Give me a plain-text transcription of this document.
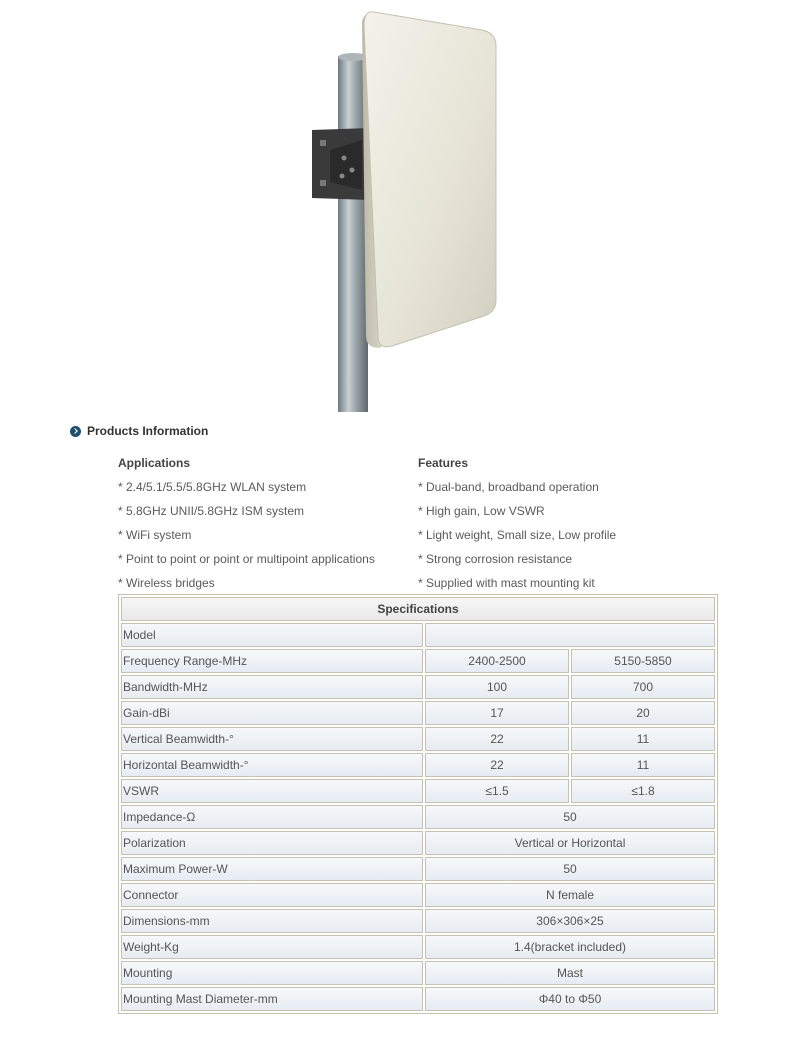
Products Information
Applications
* 2.4/5.1/5.5/5.8GHz WLAN system
* 5.8GHz UNII/5.8GHz ISM system
* WiFi system
* Point to point or point or multipoint applications
* Wireless bridges
Features
* Dual-band, broadband operation
* High gain, Low VSWR
* Light weight, Small size, Low profile
* Strong corrosion resistance
* Supplied with mast mounting kit
Specifications		
Model		
Frequency Range-MHz	2400-2500	5150-5850
Bandwidth-MHz	100	700
Gain-dBi	17	20
Vertical Beamwidth-°	22	11
Horizontal Beamwidth-°	22	11
VSWR	≤1.5	≤1.8
Impedance-Ω	50	
Polarization	Vertical or Horizontal	
Maximum Power-W	50	
Connector	N female	
Dimensions-mm	306×306×25	
Weight-Kg	1.4(bracket included)	
Mounting	Mast	
Mounting Mast Diameter-mm	Φ40 to Φ50	
